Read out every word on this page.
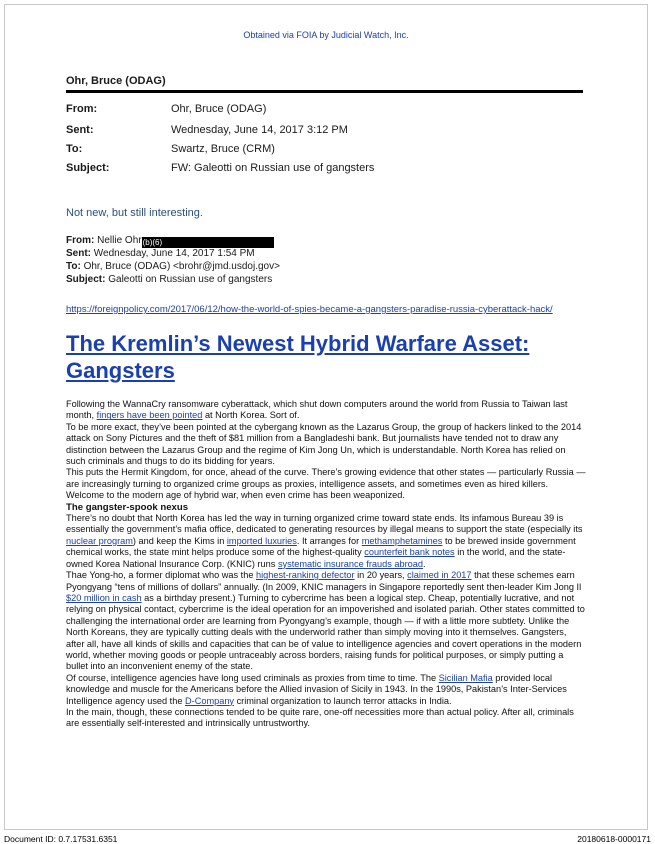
Obtained via FOIA by Judicial Watch, Inc.
Ohr, Bruce (ODAG)
From:	Ohr, Bruce (ODAG)
Sent:	Wednesday, June 14, 2017 3:12 PM
To:	Swartz, Bruce (CRM)
Subject:	FW: Galeotti on Russian use of gangsters
Not new, but still interesting.
From: Nellie Ohr(b)(6)
Sent: Wednesday, June 14, 2017 1:54 PM
To: Ohr, Bruce (ODAG) <brohr@jmd.usdoj.gov>
Subject: Galeotti on Russian use of gangsters
https://foreignpolicy.com/2017/06/12/how-the-world-of-spies-became-a-gangsters-paradise-russia-cyberattack-hack/
The Kremlin’s Newest Hybrid Warfare Asset: Gangsters

Following the WannaCry ransomware cyberattack, which shut down computers around the world from Russia to Taiwan last month, fingers have been pointed at North Korea. Sort of.

To be more exact, they’ve been pointed at the cybergang known as the Lazarus Group, the group of hackers linked to the 2014 attack on Sony Pictures and the theft of $81 million from a Bangladeshi bank. But journalists have tended not to draw any distinction between the Lazarus Group and the regime of Kim Jong Un, which is understandable. North Korea has relied on such criminals and thugs to do its bidding for years.

This puts the Hermit Kingdom, for once, ahead of the curve. There’s growing evidence that other states — particularly Russia — are increasingly turning to organized crime groups as proxies, intelligence assets, and sometimes even as hired killers.

Welcome to the modern age of hybrid war, when even crime has been weaponized.

The gangster-spook nexus

There’s no doubt that North Korea has led the way in turning organized crime toward state ends. Its infamous Bureau 39 is essentially the government’s mafia office, dedicated to generating resources by illegal means to support the state (especially its nuclear program) and keep the Kims in imported luxuries. It arranges for methamphetamines to be brewed inside government chemical works, the state mint helps produce some of the highest-quality counterfeit bank notes in the world, and the state-owned Korea National Insurance Corp. (KNIC) runs systematic insurance frauds abroad.

Thae Yong-ho, a former diplomat who was the highest-ranking defector in 20 years, claimed in 2017 that these schemes earn Pyongyang “tens of millions of dollars” annually. (In 2009, KNIC managers in Singapore reportedly sent then-leader Kim Jong Il $20 million in cash as a birthday present.) Turning to cybercrime has been a logical step. Cheap, potentially lucrative, and not relying on physical contact, cybercrime is the ideal operation for an impoverished and isolated pariah. Other states committed to challenging the international order are learning from Pyongyang’s example, though — if with a little more subtlety. Unlike the North Koreans, they are typically cutting deals with the underworld rather than simply moving into it themselves. Gangsters, after all, have all kinds of skills and capacities that can be of value to intelligence agencies and covert operations in the modern world, whether moving goods or people untraceably across borders, raising funds for political purposes, or simply putting a bullet into an inconvenient enemy of the state.

Of course, intelligence agencies have long used criminals as proxies from time to time. The Sicilian Mafia provided local knowledge and muscle for the Americans before the Allied invasion of Sicily in 1943. In the 1990s, Pakistan’s Inter-Services Intelligence agency used the D-Company criminal organization to launch terror attacks in India.

In the main, though, these connections tended to be quite rare, one-off necessities more than actual policy. After all, criminals are essentially self-interested and intrinsically untrustworthy.

Document ID: 0.7.17531.6351	20180618-0000171
